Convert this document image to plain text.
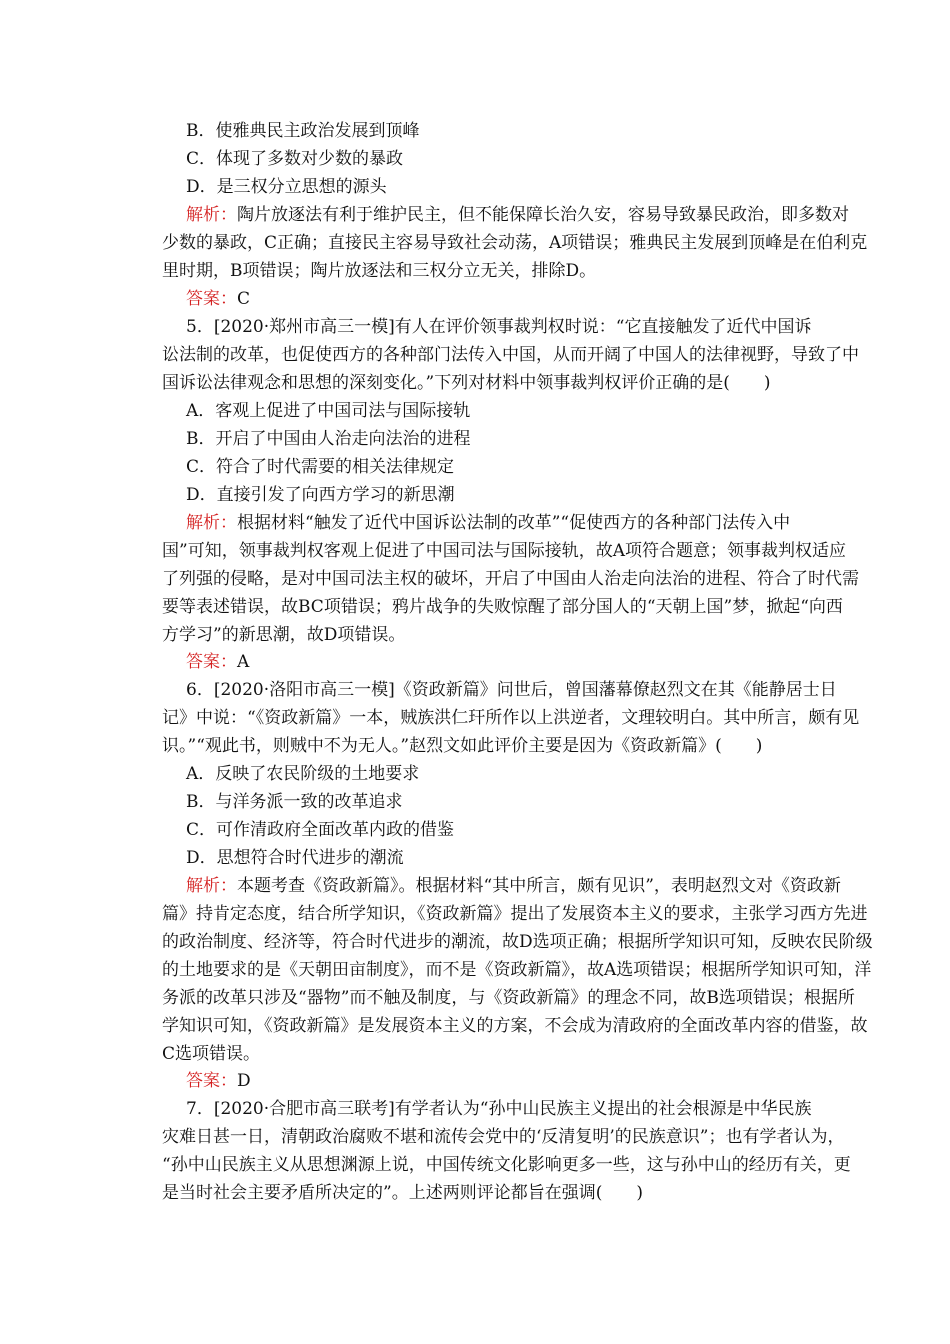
B．使雅典民主政治发展到顶峰
C．体现了多数对少数的暴政
D．是三权分立思想的源头
解析：陶片放逐法有利于维护民主，但不能保障长治久安，容易导致暴民政治，即多数对
少数的暴政，C正确；直接民主容易导致社会动荡，A项错误；雅典民主发展到顶峰是在伯利克
里时期，B项错误；陶片放逐法和三权分立无关，排除D。
答案：C
5．[2020·郑州市高三一模]有人在评价领事裁判权时说：“它直接触发了近代中国诉
讼法制的改革，也促使西方的各种部门法传入中国，从而开阔了中国人的法律视野，导致了中
国诉讼法律观念和思想的深刻变化。”下列对材料中领事裁判权评价正确的是(　　)
A．客观上促进了中国司法与国际接轨
B．开启了中国由人治走向法治的进程
C．符合了时代需要的相关法律规定
D．直接引发了向西方学习的新思潮
解析：根据材料“触发了近代中国诉讼法制的改革”“促使西方的各种部门法传入中
国”可知，领事裁判权客观上促进了中国司法与国际接轨，故A项符合题意；领事裁判权适应
了列强的侵略，是对中国司法主权的破坏，开启了中国由人治走向法治的进程、符合了时代需
要等表述错误，故BC项错误；鸦片战争的失败惊醒了部分国人的“天朝上国”梦，掀起“向西
方学习”的新思潮，故D项错误。
答案：A
6．[2020·洛阳市高三一模]《资政新篇》问世后，曾国藩幕僚赵烈文在其《能静居士日
记》中说：“《资政新篇》一本，贼族洪仁玕所作以上洪逆者，文理较明白。其中所言，颇有见
识。”“观此书，则贼中不为无人。”赵烈文如此评价主要是因为《资政新篇》(　　)
A．反映了农民阶级的土地要求
B．与洋务派一致的改革追求
C．可作清政府全面改革内政的借鉴
D．思想符合时代进步的潮流
解析：本题考查《资政新篇》。根据材料“其中所言，颇有见识”，表明赵烈文对《资政新
篇》持肯定态度，结合所学知识，《资政新篇》提出了发展资本主义的要求，主张学习西方先进
的政治制度、经济等，符合时代进步的潮流，故D选项正确；根据所学知识可知，反映农民阶级
的土地要求的是《天朝田亩制度》，而不是《资政新篇》，故A选项错误；根据所学知识可知，洋
务派的改革只涉及“器物”而不触及制度，与《资政新篇》的理念不同，故B选项错误；根据所
学知识可知，《资政新篇》是发展资本主义的方案，不会成为清政府的全面改革内容的借鉴，故
C选项错误。
答案：D
7．[2020·合肥市高三联考]有学者认为“孙中山民族主义提出的社会根源是中华民族
灾难日甚一日，清朝政治腐败不堪和流传会党中的‘反清复明’的民族意识”；也有学者认为，
“孙中山民族主义从思想渊源上说，中国传统文化影响更多一些，这与孙中山的经历有关，更
是当时社会主要矛盾所决定的”。上述两则评论都旨在强调(　　)
